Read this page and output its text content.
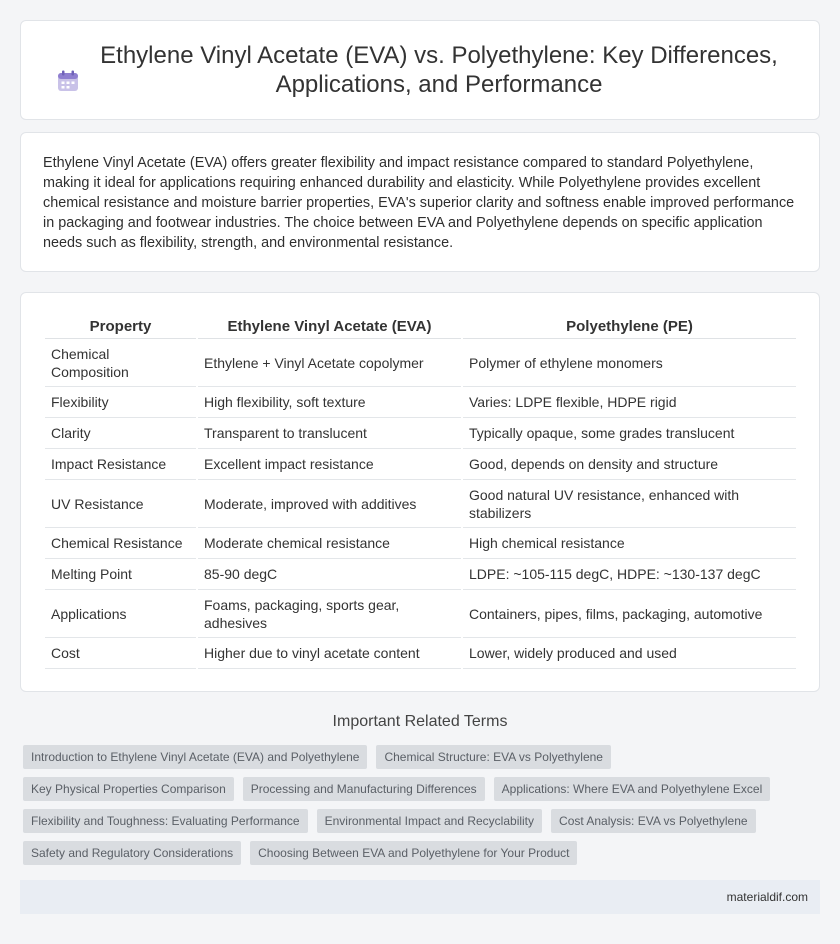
Ethylene Vinyl Acetate (EVA) vs. Polyethylene: Key Differences, Applications, and Performance

Ethylene Vinyl Acetate (EVA) offers greater flexibility and impact resistance compared to standard Polyethylene, making it ideal for applications requiring enhanced durability and elasticity. While Polyethylene provides excellent chemical resistance and moisture barrier properties, EVA's superior clarity and softness enable improved performance in packaging and footwear industries. The choice between EVA and Polyethylene depends on specific application needs such as flexibility, strength, and environmental resistance.

Property	Ethylene Vinyl Acetate (EVA)	Polyethylene (PE)
Chemical Composition	Ethylene + Vinyl Acetate copolymer	Polymer of ethylene monomers
Flexibility	High flexibility, soft texture	Varies: LDPE flexible, HDPE rigid
Clarity	Transparent to translucent	Typically opaque, some grades translucent
Impact Resistance	Excellent impact resistance	Good, depends on density and structure
UV Resistance	Moderate, improved with additives	Good natural UV resistance, enhanced with stabilizers
Chemical Resistance	Moderate chemical resistance	High chemical resistance
Melting Point	85-90 degC	LDPE: ~105-115 degC, HDPE: ~130-137 degC
Applications	Foams, packaging, sports gear, adhesives	Containers, pipes, films, packaging, automotive
Cost	Higher due to vinyl acetate content	Lower, widely produced and used
Important Related Terms
Introduction to Ethylene Vinyl Acetate (EVA) and Polyethylene	Chemical Structure: EVA vs Polyethylene
Key Physical Properties Comparison	Processing and Manufacturing Differences	Applications: Where EVA and Polyethylene Excel
Flexibility and Toughness: Evaluating Performance	Environmental Impact and Recyclability	Cost Analysis: EVA vs Polyethylene
Safety and Regulatory Considerations	Choosing Between EVA and Polyethylene for Your Product
materialdif.com
